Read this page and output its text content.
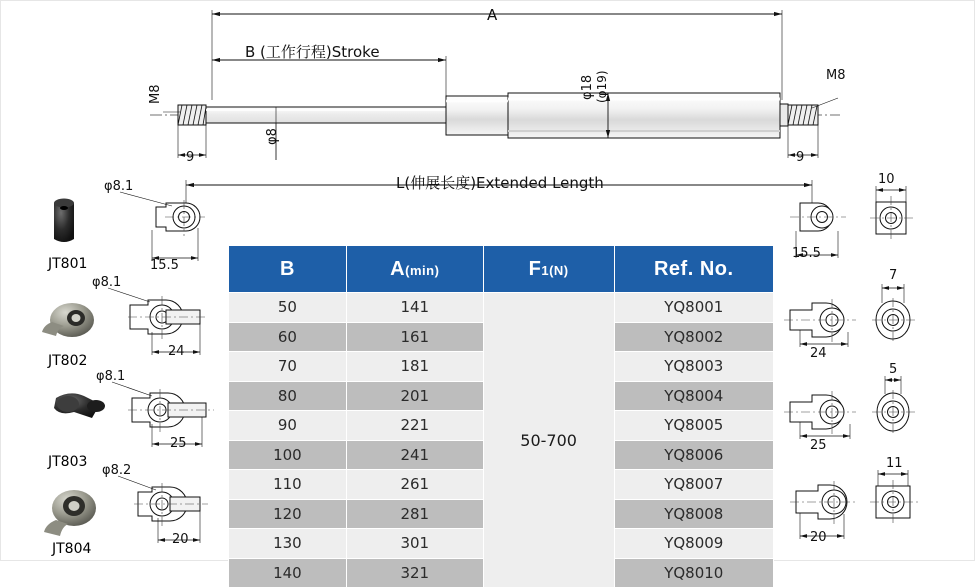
A
B (工作行程)Stroke
L(伸展长度)Extended Length
φ18 (φ19)
φ8
M8
M8
9	9
φ8.1
JT801	15.5
φ8.1
JT802
24
φ8.1
JT803
25
φ8.2
JT804
20
15.5
10
24
7
25
5
20
11
B	A(min)	F1(N)	Ref. No.
50	141	50-700	YQ8001
60	161		YQ8002
70	181		YQ8003
80	201		YQ8004
90	221		YQ8005
100	241		YQ8006
110	261		YQ8007
120	281		YQ8008
130	301		YQ8009
140	321		YQ8010
